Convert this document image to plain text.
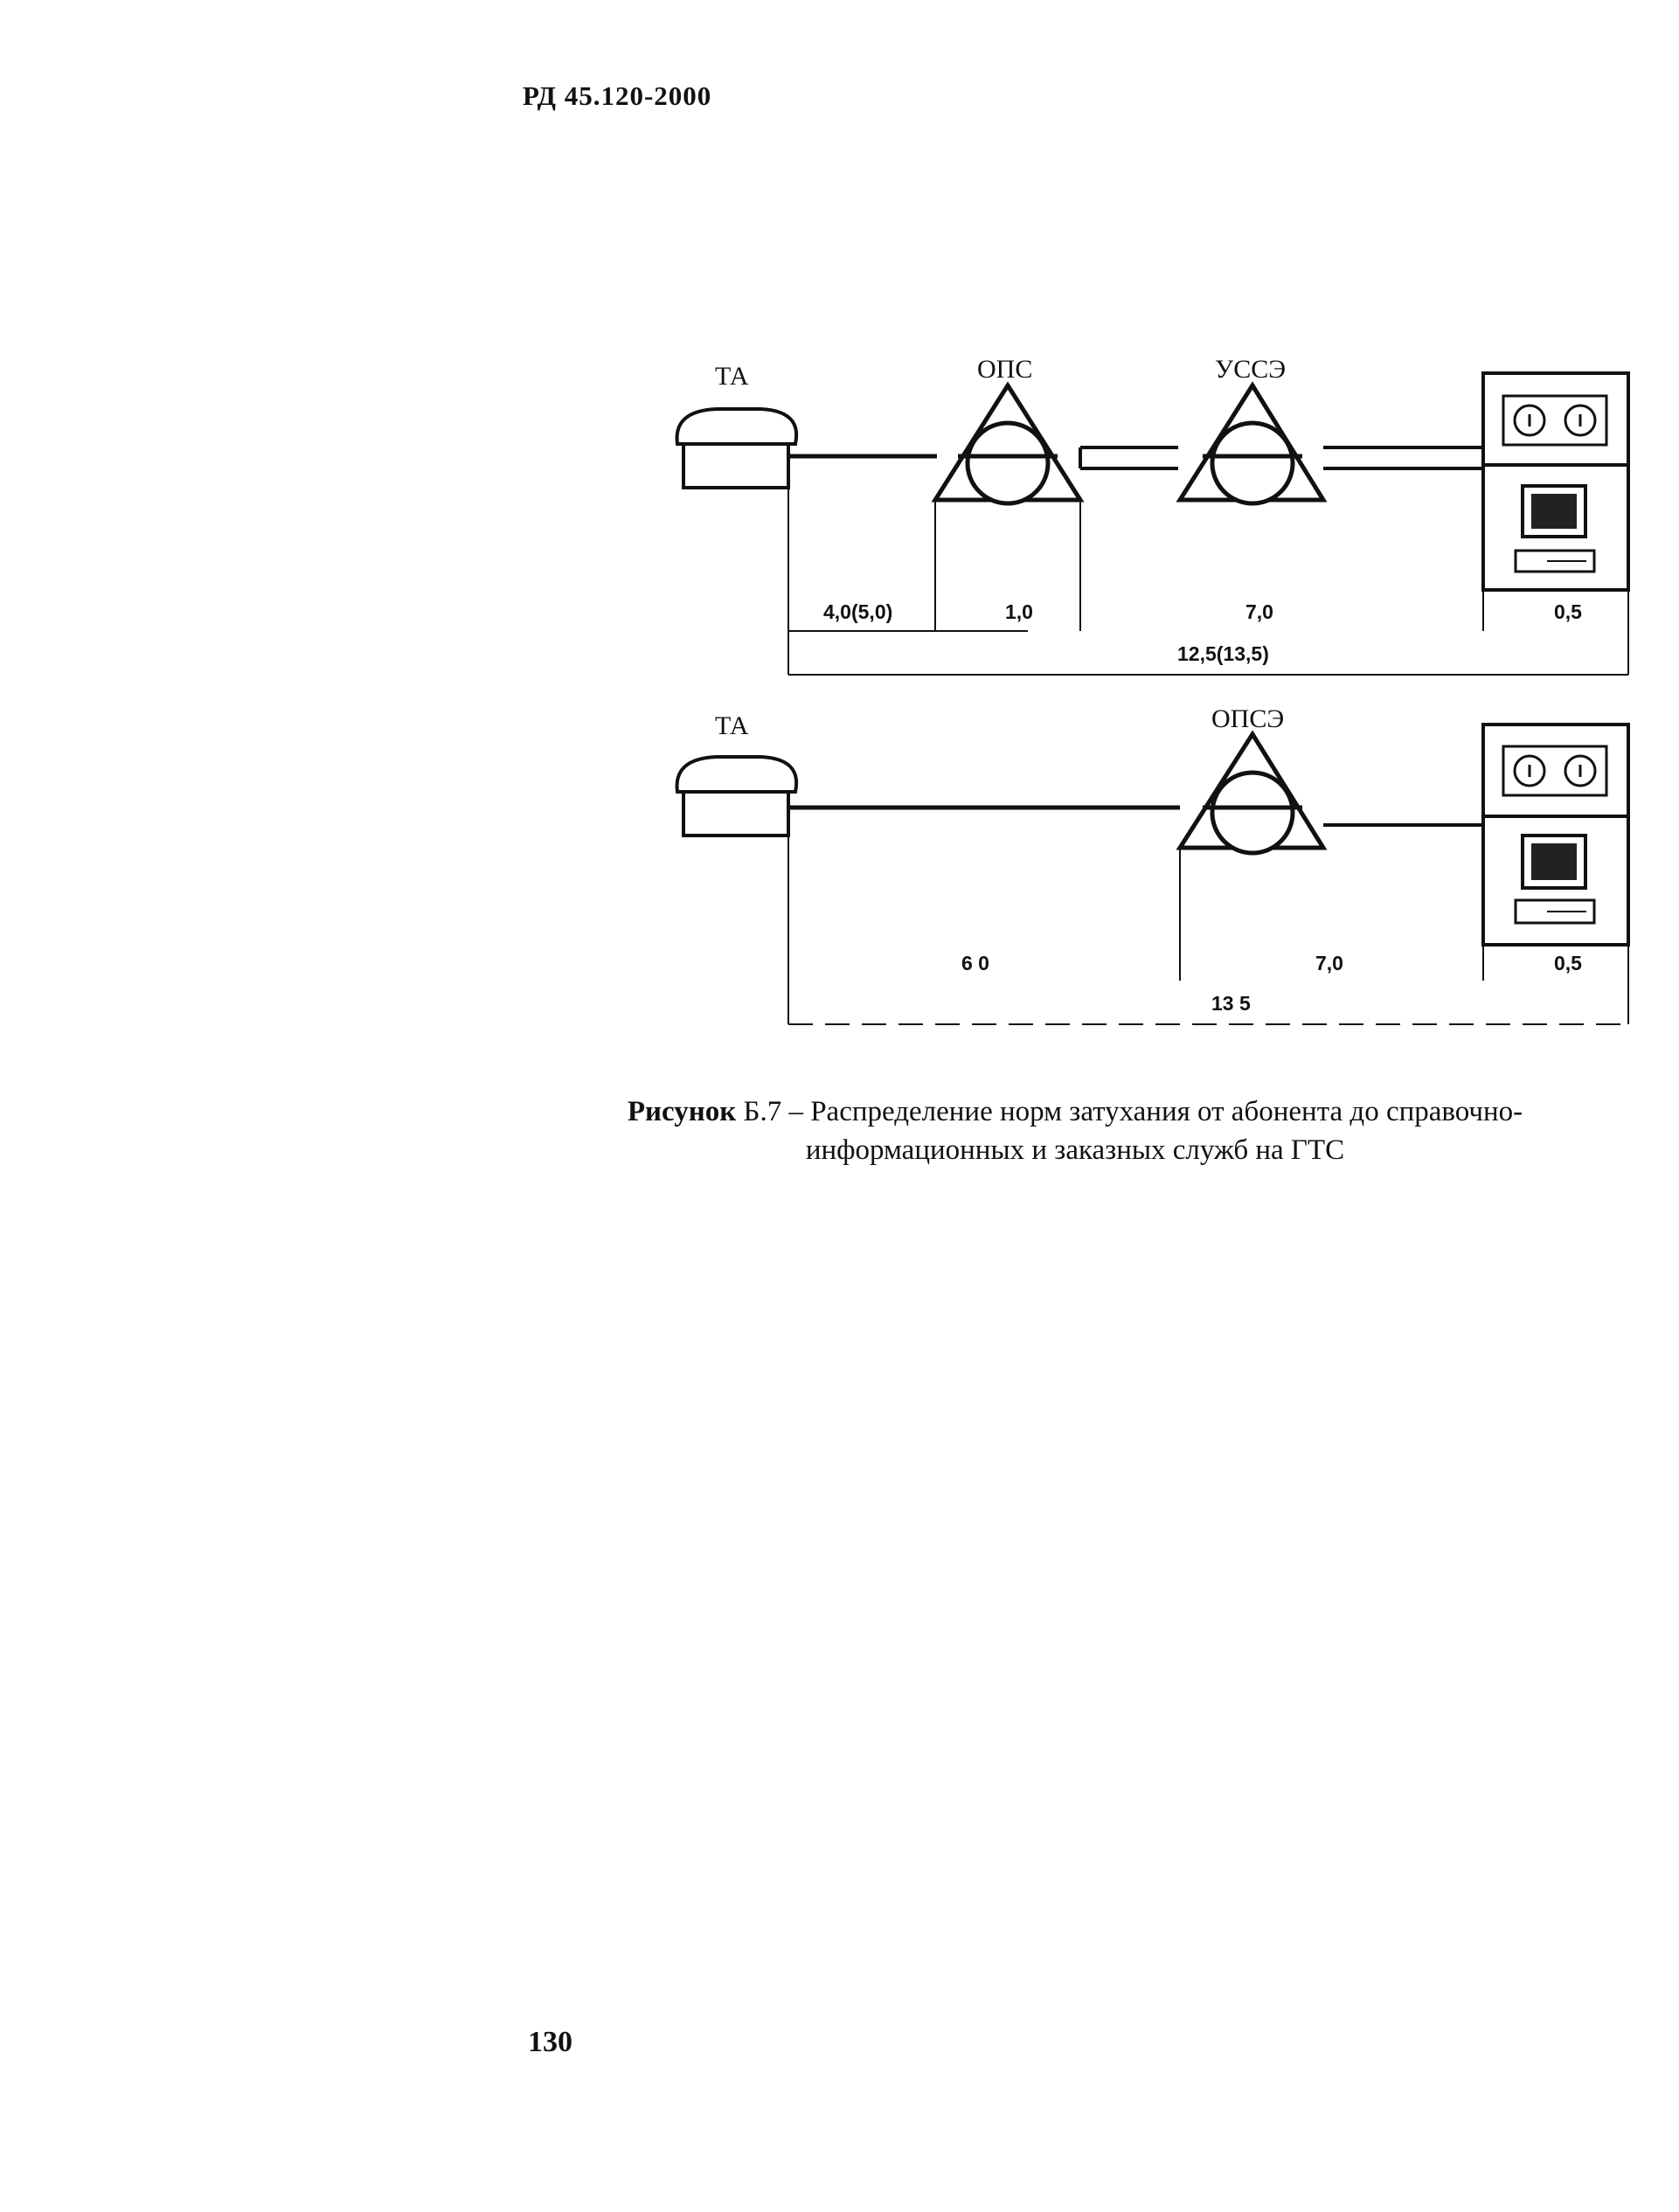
РД 45.120-2000
ТА	ОПС	УССЭ
4,0(5,0)	1,0	7,0	0,5
12,5(13,5)
ТА	ОПСЭ
6 0	7,0	0,5
13 5
Рисунок Б.7 – Распределение норм затухания от абонента до справочно-
информационных и заказных служб на ГТС
130
